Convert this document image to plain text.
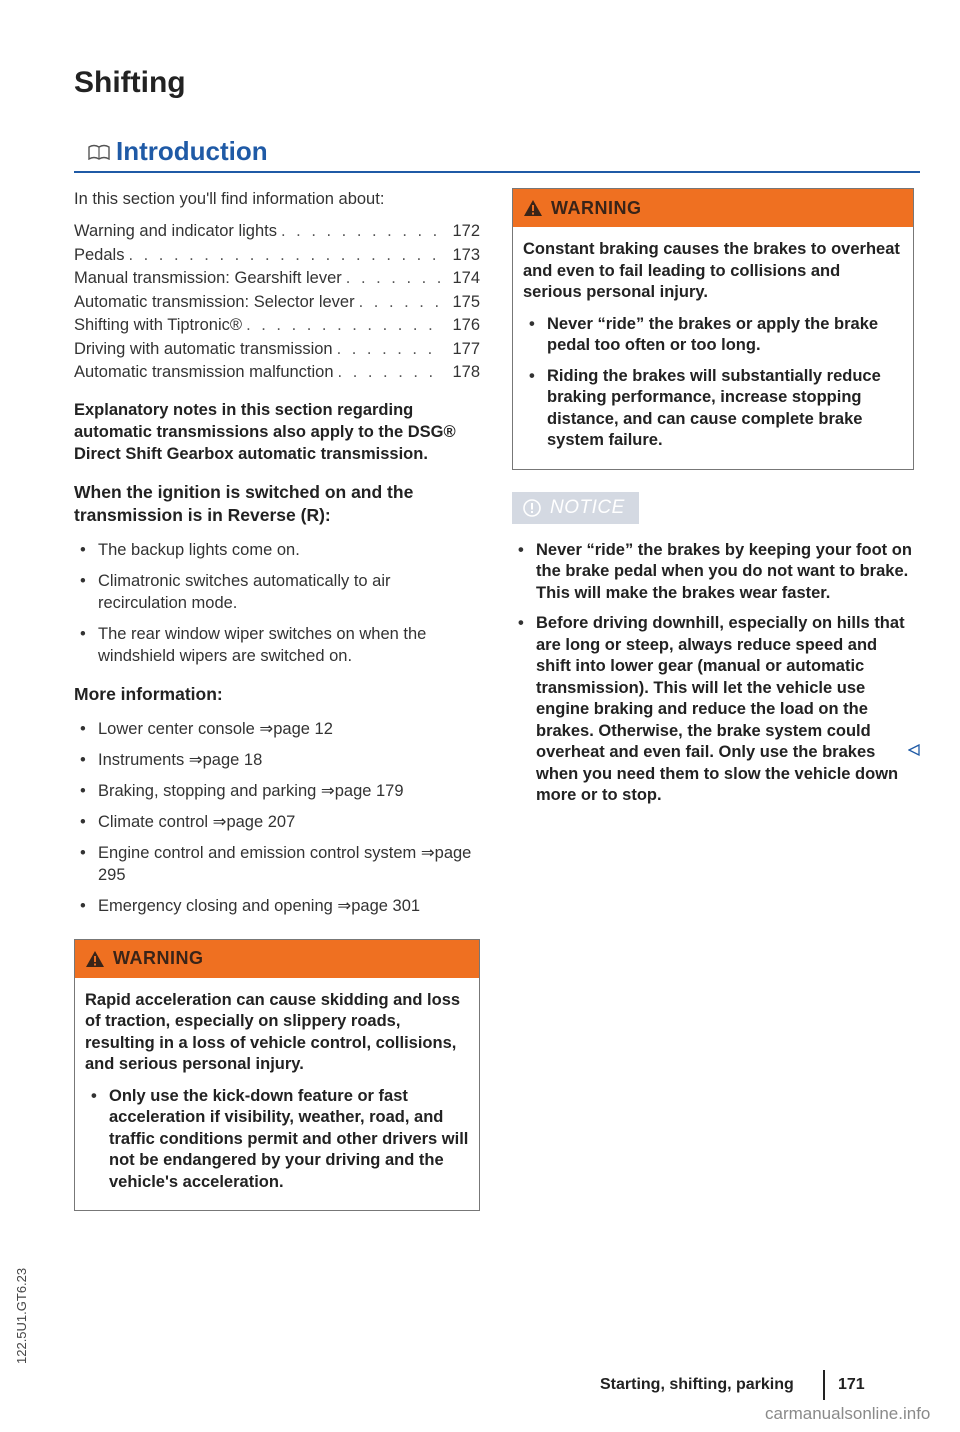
Shifting
Introduction

In this section you'll find information about:

Warning and indicator lights . . .	172
Pedals . . .	173
Manual transmission: Gearshift lever . . .	174
Automatic transmission: Selector lever . . .	175
Shifting with Tiptronic® . . .	176
Driving with automatic transmission . . .	177
Automatic transmission malfunction . . .	178
Explanatory notes in this section regarding automatic transmissions also apply to the DSG® Direct Shift Gearbox automatic transmission.
When the ignition is switched on and the transmission is in Reverse (R):
• The backup lights come on.
• Climatronic switches automatically to air recirculation mode.
• The rear window wiper switches on when the windshield wipers are switched on.
More information:
• Lower center console ⇒page 12
• Instruments ⇒page 18
• Braking, stopping and parking ⇒page 179
• Climate control ⇒page 207
• Engine control and emission control system ⇒page 295
• Emergency closing and opening ⇒page 301
WARNING

Rapid acceleration can cause skidding and loss of traction, especially on slippery roads, resulting in a loss of vehicle control, collisions, and serious personal injury.

• Only use the kick-down feature or fast acceleration if visibility, weather, road, and traffic conditions permit and other drivers will not be endangered by your driving and the vehicle's acceleration.
WARNING

Constant braking causes the brakes to overheat and even to fail leading to collisions and serious personal injury.

• Never “ride” the brakes or apply the brake pedal too often or too long.
• Riding the brakes will substantially reduce braking performance, increase stopping distance, and can cause complete brake system failure.
NOTICE
• Never “ride” the brakes by keeping your foot on the brake pedal when you do not want to brake. This will make the brakes wear faster.
• Before driving downhill, especially on hills that are long or steep, always reduce speed and shift into lower gear (manual or automatic transmission). This will let the vehicle use engine braking and reduce the load on the brakes. Otherwise, the brake system could overheat and even fail. Only use the brakes when you need them to slow the vehicle down more or to stop.
122.5U1.GT6.23
Starting, shifting, parking	171
carmanualsonline.info
